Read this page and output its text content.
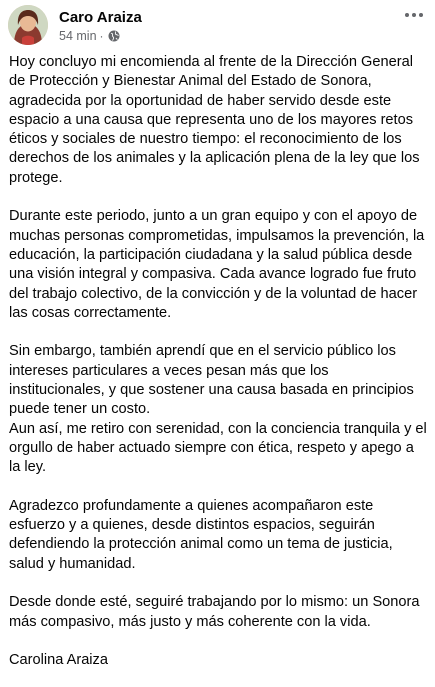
Caro Araiza
54 min ·

Hoy concluyo mi encomienda al frente de la Dirección General de Protección y Bienestar Animal del Estado de Sonora, agradecida por la oportunidad de haber servido desde este espacio a una causa que representa uno de los mayores retos éticos y sociales de nuestro tiempo: el reconocimiento de los derechos de los animales y la aplicación plena de la ley que los protege.

Durante este periodo, junto a un gran equipo y con el apoyo de muchas personas comprometidas, impulsamos la prevención, la educación, la participación ciudadana y la salud pública desde una visión integral y compasiva. Cada avance logrado fue fruto del trabajo colectivo, de la convicción y de la voluntad de hacer las cosas correctamente.

Sin embargo, también aprendí que en el servicio público los intereses particulares a veces pesan más que los institucionales, y que sostener una causa basada en principios puede tener un costo.
Aun así, me retiro con serenidad, con la conciencia tranquila y el orgullo de haber actuado siempre con ética, respeto y apego a la ley.

Agradezco profundamente a quienes acompañaron este esfuerzo y a quienes, desde distintos espacios, seguirán defendiendo la protección animal como un tema de justicia, salud y humanidad.

Desde donde esté, seguiré trabajando por lo mismo: un Sonora más compasivo, más justo y más coherente con la vida.

Carolina Araiza
